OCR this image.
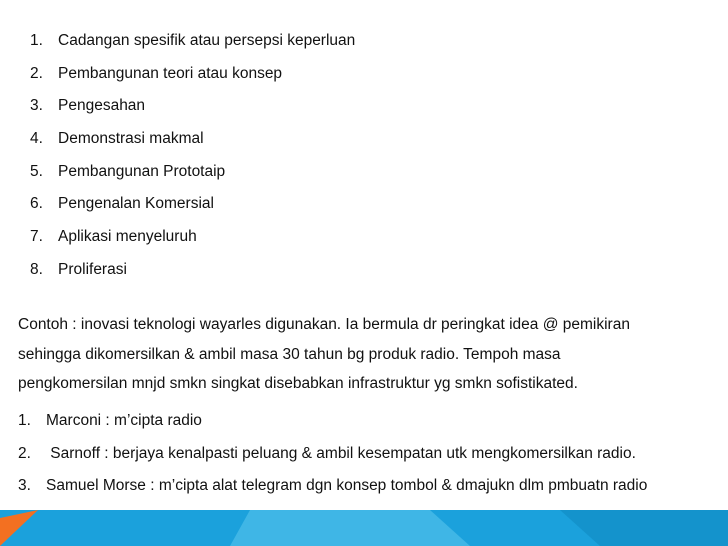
1. Cadangan spesifik atau persepsi keperluan
2. Pembangunan teori atau konsep
3. Pengesahan
4. Demonstrasi makmal
5. Pembangunan Prototaip
6. Pengenalan Komersial
7. Aplikasi menyeluruh
8. Proliferasi
Contoh : inovasi teknologi wayarles digunakan. Ia bermula dr peringkat idea @ pemikiran
sehingga dikomersilkan & ambil masa 30 tahun bg produk radio. Tempoh masa
pengkomersilan mnjd smkn singkat disebabkan infrastruktur yg smkn sofistikated.
1. Marconi : m’cipta radio
2. Sarnoff : berjaya kenalpasti peluang & ambil kesempatan utk mengkomersilkan radio.
3. Samuel Morse : m’cipta alat telegram dgn konsep tombol & dmajukn dlm pmbuatn radio
